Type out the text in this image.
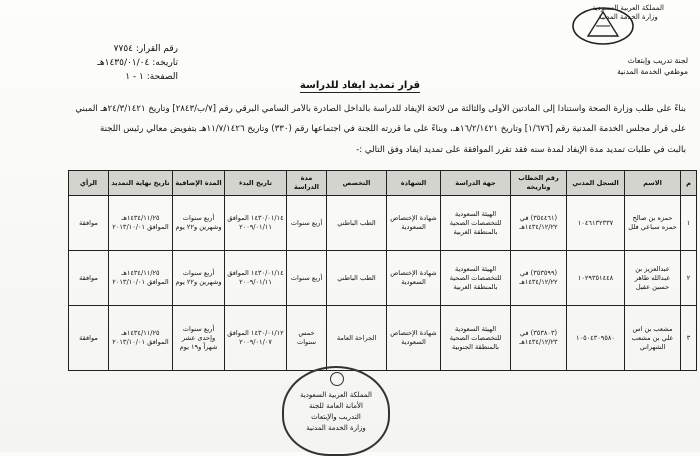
المملكة العربية السعودية
وزارة الخدمة المدنية
لجنة تدريب وإبتعاث
موظفي الخدمة المدنية
رقم القرار: ٧٧٥٤
تاريخه: ١٤٣٥/٠١/٠٤هـ
الصفحة: ١ - ١
قرار تمديد ايفاد للدراسة
بناءً على طلب وزارة الصحة واستناداً إلى المادتين الأولى والثالثة من لائحة الإيفاد للدراسة بالداخل الصادرة بالأمر السامي البرقي رقم [٧/ب/٢٨٤٣] وتاريخ ٢٤/٣/١٤٢١هـ المبني
على قرار مجلس الخدمة المدنية رقم [١/٦٧٦] وتاريخ ١٦/٢/١٤٢١هـ، وبناءً على ما قررته اللجنة في اجتماعها رقم (٣٣٠) وتاريخ ١١/٧/١٤٢٦هـ بتفويض معالي رئيس اللجنة
بالبت في طلبات تمديد مدة الإيفاد لمدة سنه فقد تقرر الموافقة على تمديد ايفاد وفق التالي :-
م	الاسم	السجل المدني	رقم الخطاب وتاريخه	جهة الدراسة	الشهادة	التخصص	مدة الدراسة	تاريخ البدء	المدة الإضافية	تاريخ نهاية التمديد	الرأي
١	حمزه بن صالح حمزه سباعي فلل	١٠٤٦١٣٢٣٣٧	(٣٥٤٤٦١) في ١٤٣٤/١٢/٢٢هـ	الهيئة السعودية للتخصصات الصحية بالمنطقة الغربية	شهادة الإختصاص السعودية	الطب الباطني	أربع سنوات	١٤٣٠/٠١/١٤ الموافق ٢٠٠٩/٠١/١١	أربع سنوات وشهرين و٢٢ يوم	١٤٣٤/١١/٢٥هـ الموافق ٢٠١٣/١٠/٠١	موافقة
٢	عبدالعزيز بن عبدالله طاهر حسين عقيل	١٠٢٩٣٥١٤٤٨	(٣٥٣٥٩٩) في ١٤٣٤/١٢/٢٢هـ	الهيئة السعودية للتخصصات الصحية بالمنطقة الغربية	شهادة الإختصاص السعودية	الطب الباطني	أربع سنوات	١٤٣٠/٠١/١٤ الموافق ٢٠٠٩/٠١/١١	أربع سنوات وشهرين و٢٢ يوم	١٤٣٤/١١/٢٥هـ الموافق ٢٠١٣/١٠/٠١	موافقة
٣	مشعب بن اس علي بن مشعب الشهراني	١٠٥٠٤٣٠٩٥٨٠	(٣٥٣٨٠٣) في ١٤٣٤/١٢/٢٣هـ	الهيئة السعودية للتخصصات الصحية بالمنطقة الجنوبية	شهادة الإختصاص السعودية	الجراحة العامة	خمس سنوات	١٤٣٠/٠١/١٢ الموافق ٢٠٠٩/٠١/٠٧	أربع سنوات وإحدى عشر شهراً و١٩ يوم	١٤٣٤/١١/٢٥هـ الموافق ٢٠١٣/١٠/٠١	موافقة
المملكة العربية السعودية
الأمانة العامة للجنة
التدريب والإبتعاث
وزارة الخدمة المدنية
